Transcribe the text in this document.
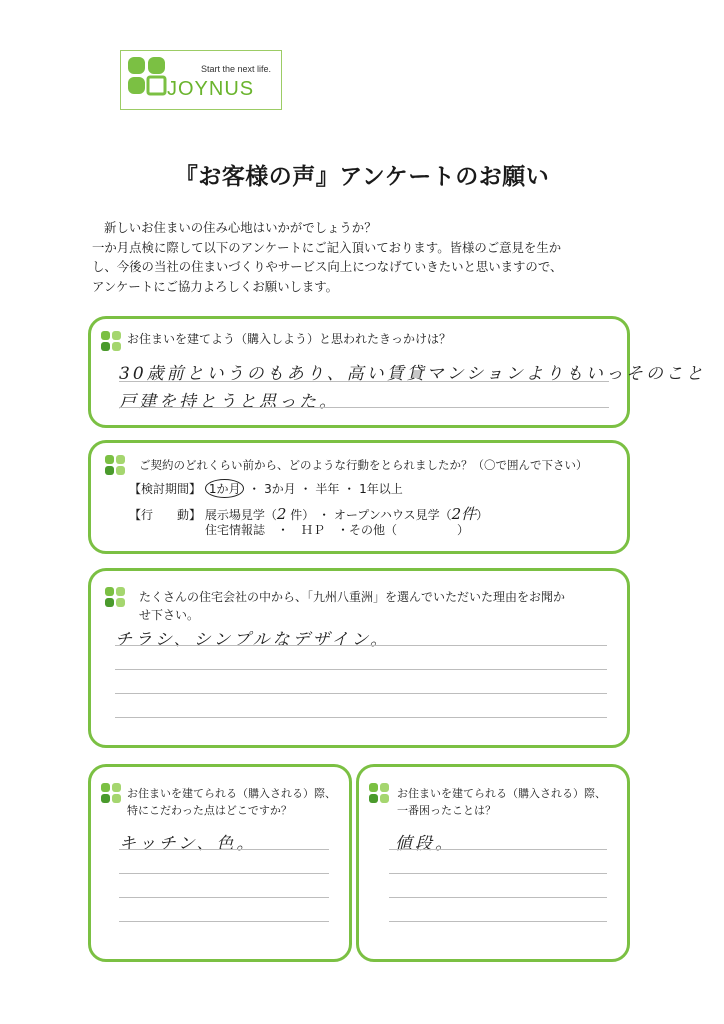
Start the next life.
JOYNUS
『お客様の声』アンケートのお願い

新しいお住まいの住み心地はいかがでしょうか？

一か月点検に際して以下のアンケートにご記入頂いております。皆様のご意見を生か

し、今後の当社の住まいづくりやサービス向上につなげていきたいと思いますので、

アンケートにご協力よろしくお願いします。

お住まいを建てよう（購入しよう）と思われたきっかけは？
30歳前というのもあり、高い賃貸マンションよりもいっそのこと
戸建を持とうと思った。
ご契約のどれくらい前から、どのような行動をとられましたか？（〇で囲んで下さい）
【検討期間】 1か月 ・ 3か月 ・ 半年 ・ 1年以上
【行　　動】 展示場見学（2 件） ・ オープンハウス見学（2件）
住宅情報誌　・　ＨＰ　・その他（　　　　　）
たくさんの住宅会社の中から、「九州八重洲」を選んでいただいた理由をお聞か
せ下さい。
チラシ、シンプルなデザイン。
お住まいを建てられる（購入される）際、
特にこだわった点はどこですか？
キッチン、色。
お住まいを建てられる（購入される）際、
一番困ったことは？
値段。
